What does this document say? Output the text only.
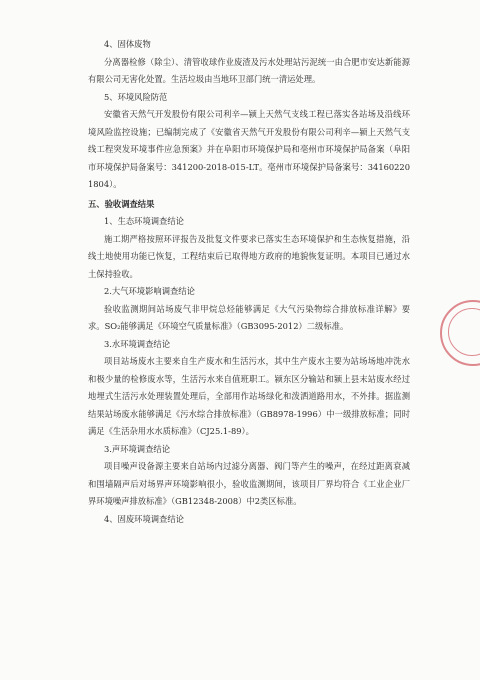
4、固体废物

分离器检修（除尘）、清管收球作业废渣及污水处理站污泥统一由合肥市安达新能源有限公司无害化处置。生活垃圾由当地环卫部门统一清运处理。

5、环境风险防范

安徽省天然气开发股份有限公司利辛—颍上天然气支线工程已落实各站场及沿线环境风险监控设施；已编制完成了《安徽省天然气开发股份有限公司利辛—颍上天然气支线工程突发环境事件应急预案》并在阜阳市环境保护局和亳州市环境保护局备案（阜阳市环境保护局备案号：341200-2018-015-LT。亳州市环境保护局备案号：341602201804）。

五、验收调查结果

1、生态环境调查结论

施工期严格按照环评报告及批复文件要求已落实生态环境保护和生态恢复措施，沿线土地使用功能已恢复，工程结束后已取得地方政府的地貌恢复证明。本项目已通过水土保持验收。

2.大气环境影响调查结论

验收监测期间站场废气非甲烷总烃能够满足《大气污染物综合排放标准详解》要求。SO₂能够满足《环境空气质量标准》（GB3095-2012）二级标准。

3.水环境调查结论

项目站场废水主要来自生产废水和生活污水，其中生产废水主要为站场场地冲洗水和极少量的检修废水等，生活污水来自值班职工。颍东区分输站和颍上县末站废水经过地埋式生活污水处理装置处理后，全部用作站场绿化和泼洒道路用水，不外排。据监测结果站场废水能够满足《污水综合排放标准》（GB8978-1996）中一级排放标准；同时满足《生活杂用水水质标准》（CJ25.1-89）。

3.声环境调查结论

项目噪声设备源主要来自站场内过滤分离器、阀门等产生的噪声，在经过距离衰减和围墙隔声后对场界声环境影响很小，验收监测期间，该项目厂界均符合《工业企业厂界环境噪声排放标准》（GB12348-2008）中2类区标准。

4、固废环境调查结论
